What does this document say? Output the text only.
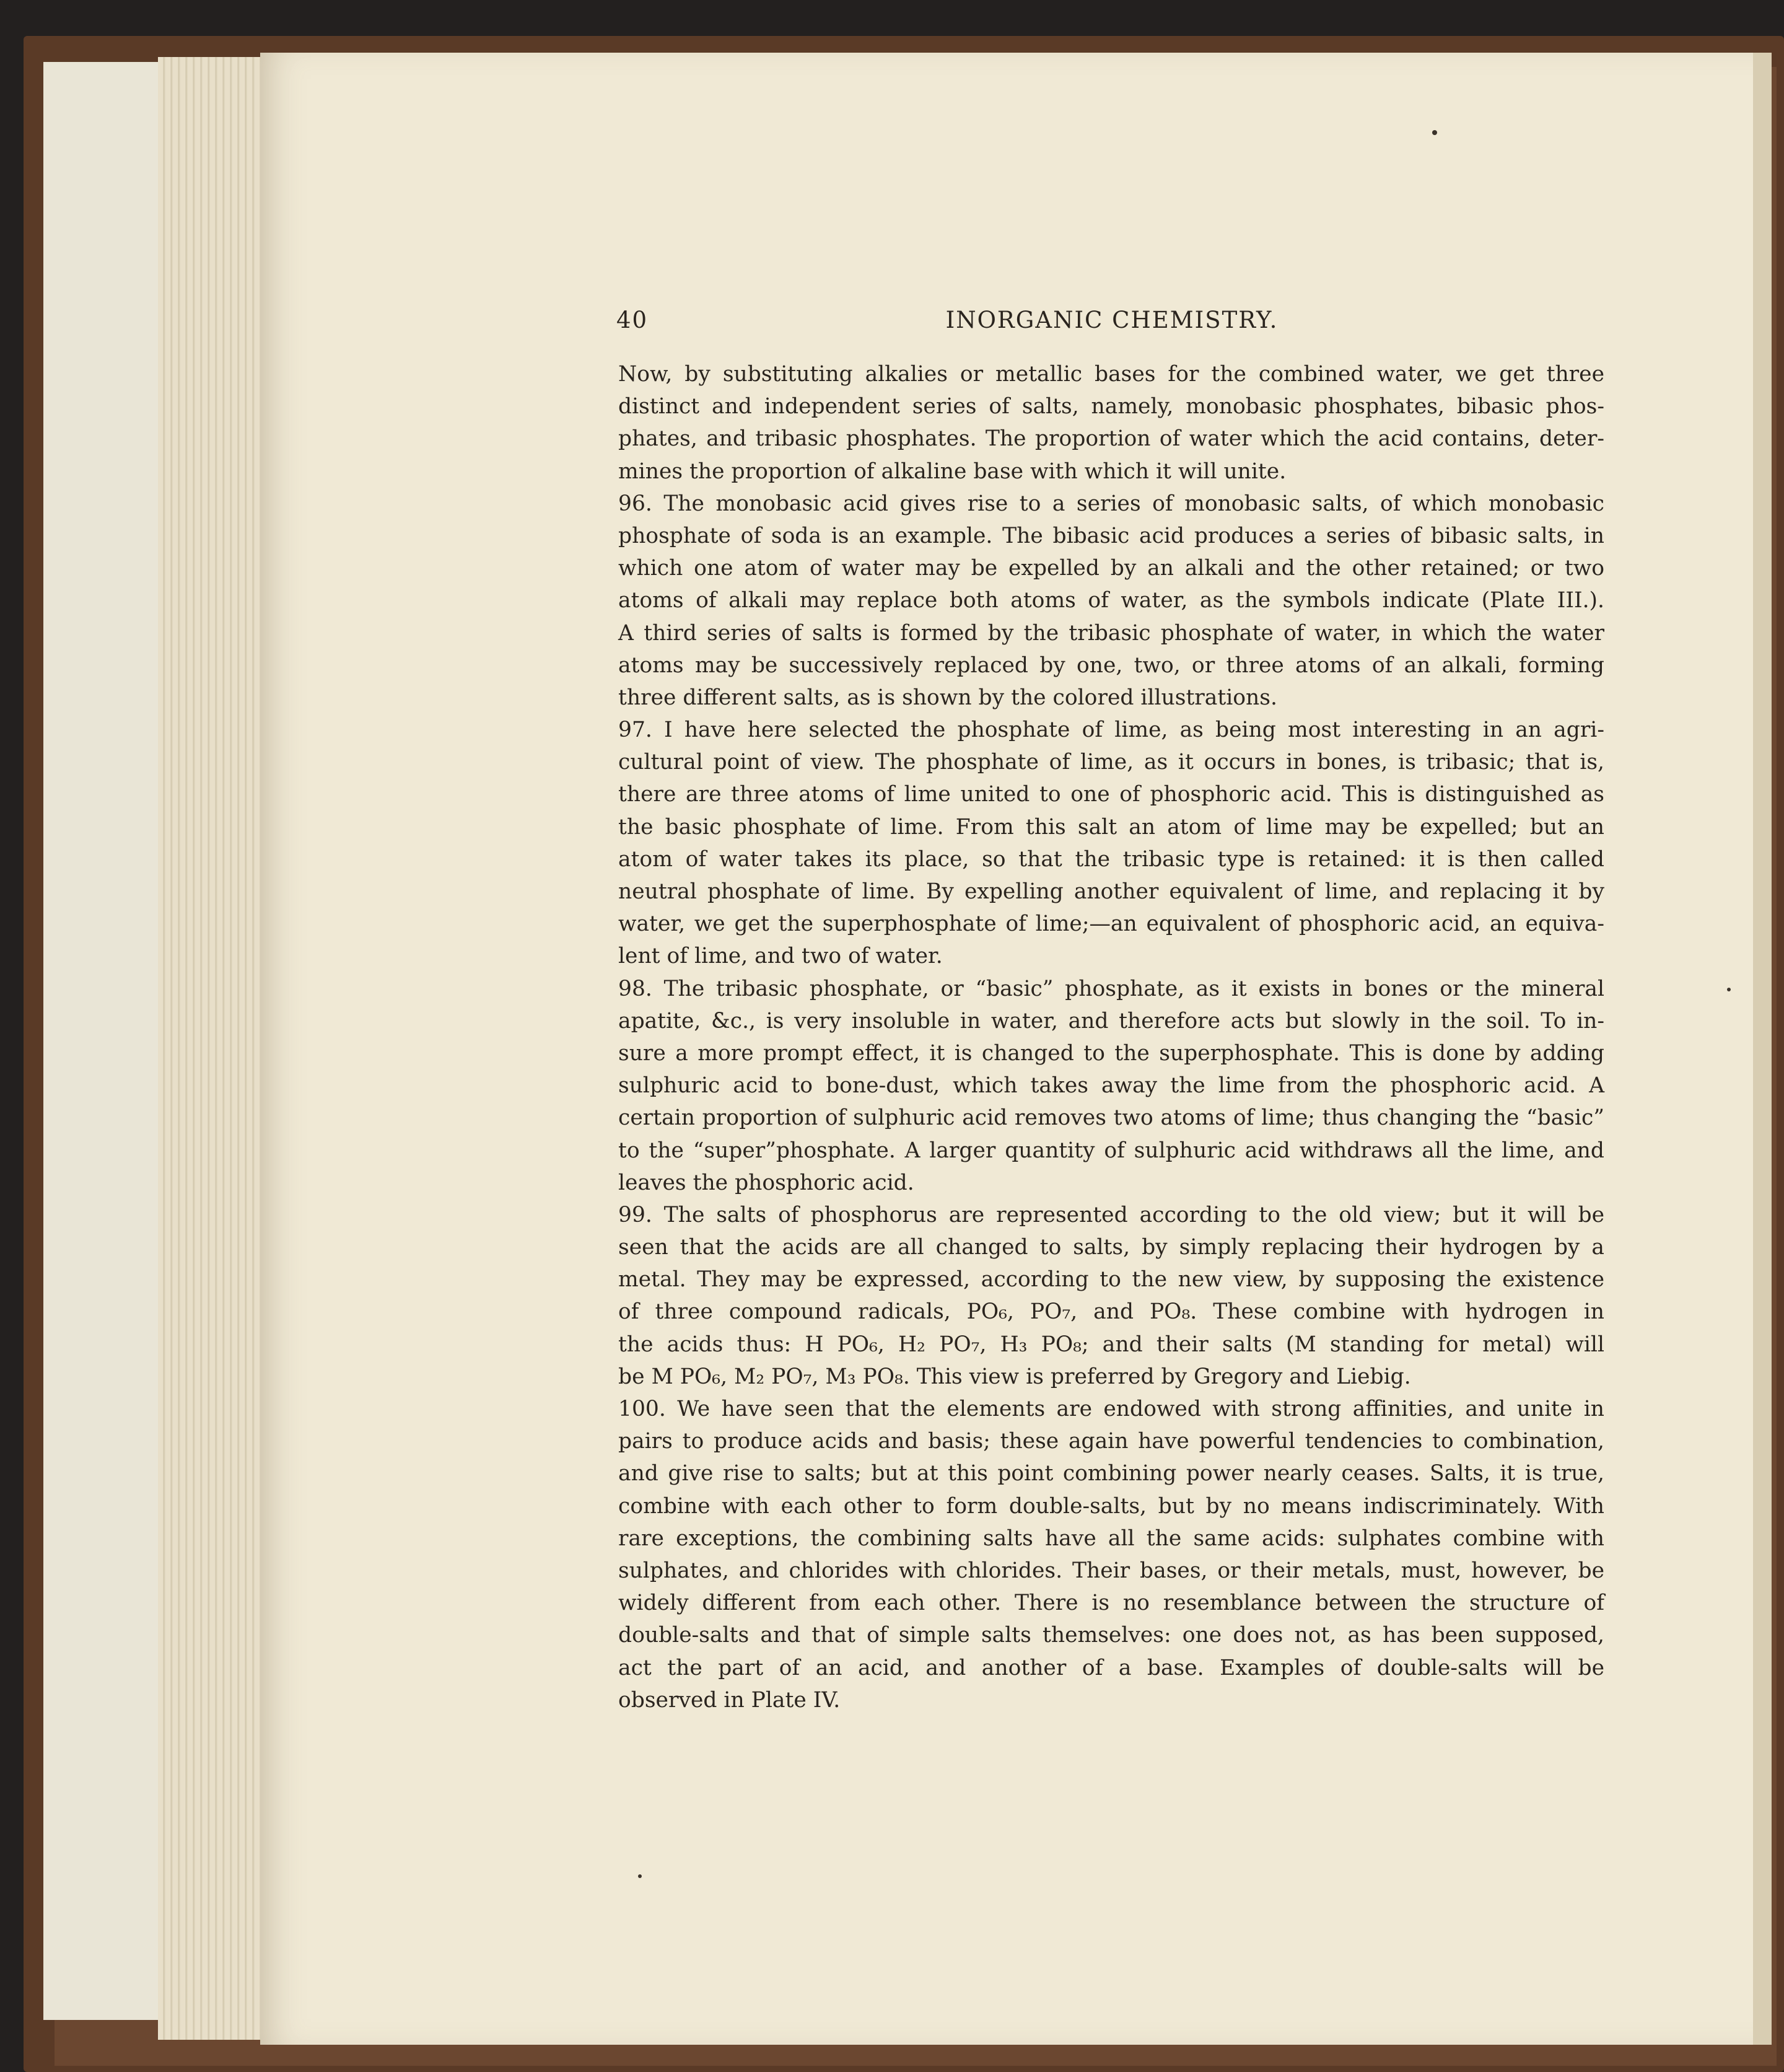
40	INORGANIC CHEMISTRY.
Now, by substituting alkalies or metallic bases for the combined water, we get three
distinct and independent series of salts, namely, monobasic phosphates, bibasic phos-
phates, and tribasic phosphates. The proportion of water which the acid contains, deter-
mines the proportion of alkaline base with which it will unite.
96. The monobasic acid gives rise to a series of monobasic salts, of which monobasic
phosphate of soda is an example. The bibasic acid produces a series of bibasic salts, in
which one atom of water may be expelled by an alkali and the other retained; or two
atoms of alkali may replace both atoms of water, as the symbols indicate (Plate III.).
A third series of salts is formed by the tribasic phosphate of water, in which the water
atoms may be successively replaced by one, two, or three atoms of an alkali, forming
three different salts, as is shown by the colored illustrations.
97. I have here selected the phosphate of lime, as being most interesting in an agri-
cultural point of view. The phosphate of lime, as it occurs in bones, is tribasic; that is,
there are three atoms of lime united to one of phosphoric acid. This is distinguished as
the basic phosphate of lime. From this salt an atom of lime may be expelled; but an
atom of water takes its place, so that the tribasic type is retained: it is then called
neutral phosphate of lime. By expelling another equivalent of lime, and replacing it by
water, we get the superphosphate of lime;—an equivalent of phosphoric acid, an equiva-
lent of lime, and two of water.
98. The tribasic phosphate, or “basic” phosphate, as it exists in bones or the mineral
apatite, &c., is very insoluble in water, and therefore acts but slowly in the soil. To in-
sure a more prompt effect, it is changed to the superphosphate. This is done by adding
sulphuric acid to bone-dust, which takes away the lime from the phosphoric acid. A
certain proportion of sulphuric acid removes two atoms of lime; thus changing the “basic”
to the “super”phosphate. A larger quantity of sulphuric acid withdraws all the lime, and
leaves the phosphoric acid.
99. The salts of phosphorus are represented according to the old view; but it will be
seen that the acids are all changed to salts, by simply replacing their hydrogen by a
metal. They may be expressed, according to the new view, by supposing the existence
of three compound radicals, PO₆, PO₇, and PO₈. These combine with hydrogen in
the acids thus: H PO₆, H₂ PO₇, H₃ PO₈; and their salts (M standing for metal) will
be M PO₆, M₂ PO₇, M₃ PO₈. This view is preferred by Gregory and Liebig.
100. We have seen that the elements are endowed with strong affinities, and unite in
pairs to produce acids and basis; these again have powerful tendencies to combination,
and give rise to salts; but at this point combining power nearly ceases. Salts, it is true,
combine with each other to form double-salts, but by no means indiscriminately. With
rare exceptions, the combining salts have all the same acids: sulphates combine with
sulphates, and chlorides with chlorides. Their bases, or their metals, must, however, be
widely different from each other. There is no resemblance between the structure of
double-salts and that of simple salts themselves: one does not, as has been supposed,
act the part of an acid, and another of a base. Examples of double-salts will be
observed in Plate IV.
